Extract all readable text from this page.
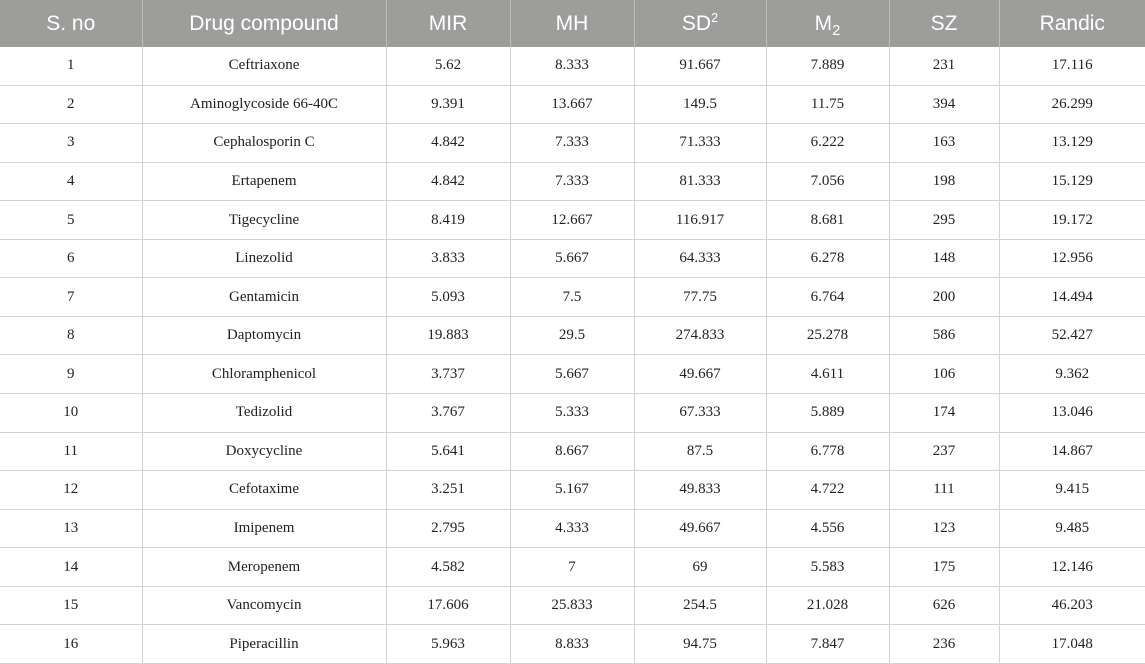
S. no	Drug compound	MIR	MH	$SD^2$	$M_2$	SZ	Randic
1	Ceftriaxone	5.62	8.333	91.667	7.889	231	17.116
2	Aminoglycoside 66-40C	9.391	13.667	149.5	11.75	394	26.299
3	Cephalosporin C	4.842	7.333	71.333	6.222	163	13.129
4	Ertapenem	4.842	7.333	81.333	7.056	198	15.129
5	Tigecycline	8.419	12.667	116.917	8.681	295	19.172
6	Linezolid	3.833	5.667	64.333	6.278	148	12.956
7	Gentamicin	5.093	7.5	77.75	6.764	200	14.494
8	Daptomycin	19.883	29.5	274.833	25.278	586	52.427
9	Chloramphenicol	3.737	5.667	49.667	4.611	106	9.362
10	Tedizolid	3.767	5.333	67.333	5.889	174	13.046
11	Doxycycline	5.641	8.667	87.5	6.778	237	14.867
12	Cefotaxime	3.251	5.167	49.833	4.722	111	9.415
13	Imipenem	2.795	4.333	49.667	4.556	123	9.485
14	Meropenem	4.582	7	69	5.583	175	12.146
15	Vancomycin	17.606	25.833	254.5	21.028	626	46.203
16	Piperacillin	5.963	8.833	94.75	7.847	236	17.048
